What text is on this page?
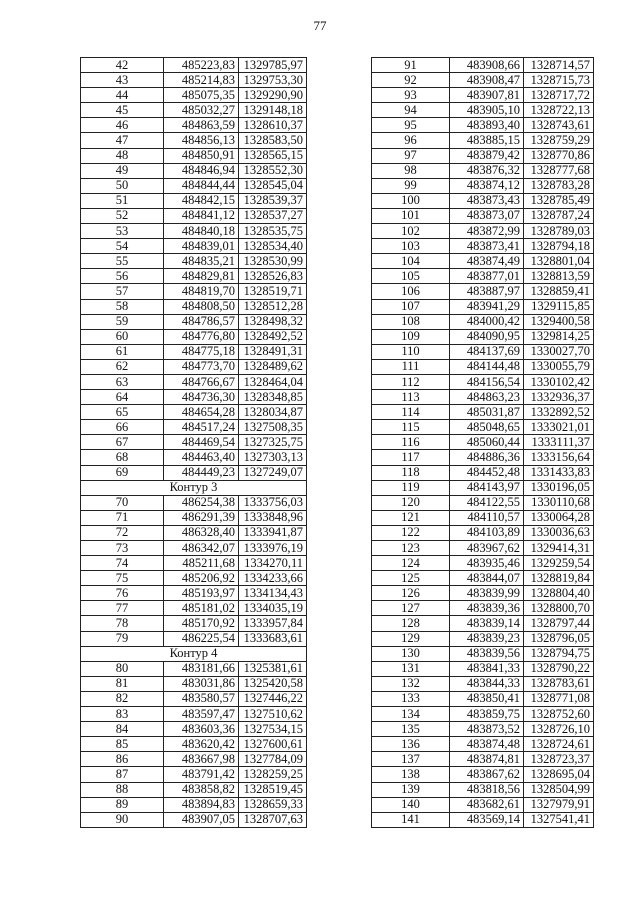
77
42	485223,83	1329785,97
43	485214,83	1329753,30
44	485075,35	1329290,90
45	485032,27	1329148,18
46	484863,59	1328610,37
47	484856,13	1328583,50
48	484850,91	1328565,15
49	484846,94	1328552,30
50	484844,44	1328545,04
51	484842,15	1328539,37
52	484841,12	1328537,27
53	484840,18	1328535,75
54	484839,01	1328534,40
55	484835,21	1328530,99
56	484829,81	1328526,83
57	484819,70	1328519,71
58	484808,50	1328512,28
59	484786,57	1328498,32
60	484776,80	1328492,52
61	484775,18	1328491,31
62	484773,70	1328489,62
63	484766,67	1328464,04
64	484736,30	1328348,85
65	484654,28	1328034,87
66	484517,24	1327508,35
67	484469,54	1327325,75
68	484463,40	1327303,13
69	484449,23	1327249,07
Контур 3		
70	486254,38	1333756,03
71	486291,39	1333848,96
72	486328,40	1333941,87
73	486342,07	1333976,19
74	485211,68	1334270,11
75	485206,92	1334233,66
76	485193,97	1334134,43
77	485181,02	1334035,19
78	485170,92	1333957,84
79	486225,54	1333683,61
Контур 4		
80	483181,66	1325381,61
81	483031,86	1325420,58
82	483580,57	1327446,22
83	483597,47	1327510,62
84	483603,36	1327534,15
85	483620,42	1327600,61
86	483667,98	1327784,09
87	483791,42	1328259,25
88	483858,82	1328519,45
89	483894,83	1328659,33
90	483907,05	1328707,63
91	483908,66	1328714,57
92	483908,47	1328715,73
93	483907,81	1328717,72
94	483905,10	1328722,13
95	483893,40	1328743,61
96	483885,15	1328759,29
97	483879,42	1328770,86
98	483876,32	1328777,68
99	483874,12	1328783,28
100	483873,43	1328785,49
101	483873,07	1328787,24
102	483872,99	1328789,03
103	483873,41	1328794,18
104	483874,49	1328801,04
105	483877,01	1328813,59
106	483887,97	1328859,41
107	483941,29	1329115,85
108	484000,42	1329400,58
109	484090,95	1329814,25
110	484137,69	1330027,70
111	484144,48	1330055,79
112	484156,54	1330102,42
113	484863,23	1332936,37
114	485031,87	1332892,52
115	485048,65	1333021,01
116	485060,44	1333111,37
117	484886,36	1333156,64
118	484452,48	1331433,83
119	484143,97	1330196,05
120	484122,55	1330110,68
121	484110,57	1330064,28
122	484103,89	1330036,63
123	483967,62	1329414,31
124	483935,46	1329259,54
125	483844,07	1328819,84
126	483839,99	1328804,40
127	483839,36	1328800,70
128	483839,14	1328797,44
129	483839,23	1328796,05
130	483839,56	1328794,75
131	483841,33	1328790,22
132	483844,33	1328783,61
133	483850,41	1328771,08
134	483859,75	1328752,60
135	483873,52	1328726,10
136	483874,48	1328724,61
137	483874,81	1328723,37
138	483867,62	1328695,04
139	483818,56	1328504,99
140	483682,61	1327979,91
141	483569,14	1327541,41
